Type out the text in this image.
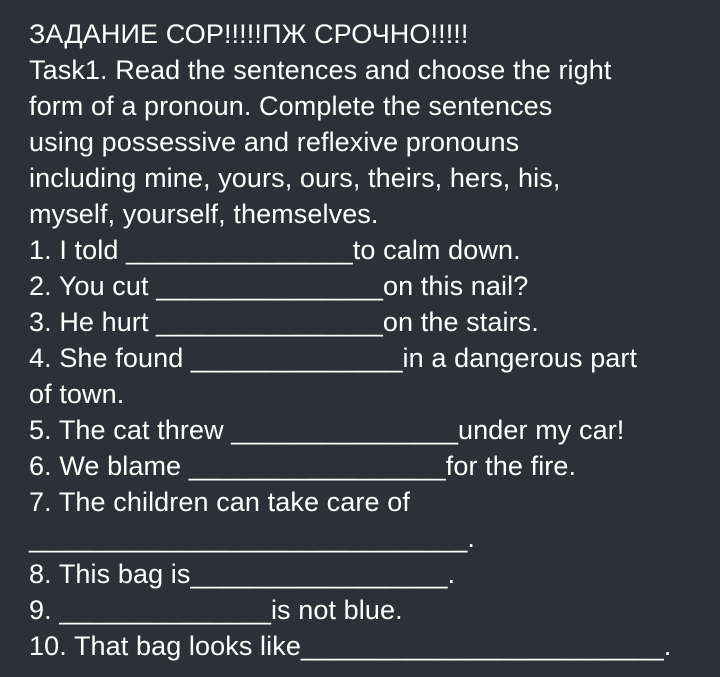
ЗАДАНИЕ СОР!!!!!ПЖ СРОЧНО!!!!!
Task1. Read the sentences and choose the right
form of a pronoun. Complete the sentences
using possessive and reflexive pronouns
including mine, yours, ours, theirs, hers, his,
myself, yourself, themselves.
1. I told _______________to calm down.
2. You cut _______________on this nail?
3. He hurt _______________on the stairs.
4. She found ______________in a dangerous part
of town.
5. The cat threw _______________under my car!
6. We blame _________________for the fire.
7. The children can take care of
_____________________________.
8. This bag is_________________.
9. ______________is not blue.
10. That bag looks like________________________.
